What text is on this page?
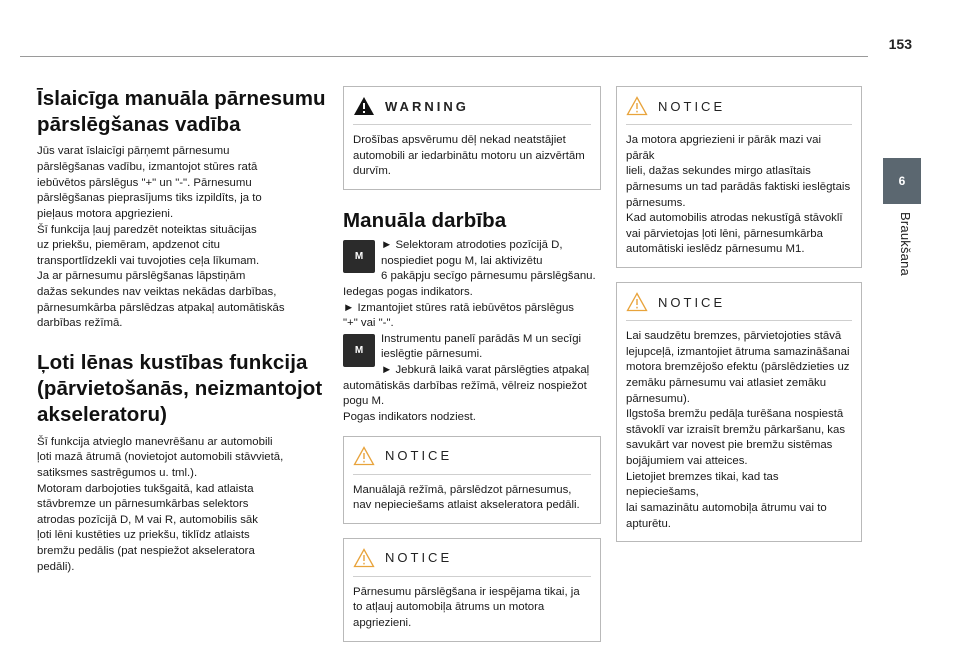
153
6
Braukšana
Īslaicīga manuāla pārnesumu pārslēgšanas vadība

Jūs varat īslaicīgi pārņemt pārnesumu
pārslēgšanas vadību, izmantojot stūres ratā
iebūvētos pārslēgus "+" un "-". Pārnesumu
pārslēgšanas pieprasījums tiks izpildīts, ja to
pieļaus motora apgriezieni.
Šī funkcija ļauj paredzēt noteiktas situācijas
uz priekšu, piemēram, apdzenot citu
transportlīdzekli vai tuvojoties ceļa līkumam.
Ja ar pārnesumu pārslēgšanas lāpstiņām
dažas sekundes nav veiktas nekādas darbības,
pārnesumkārba pārslēdzas atpakaļ automātiskās
darbības režīmā.

Ļoti lēnas kustības funkcija (pārvietošanās, neizmantojot akseleratoru)

Šī funkcija atvieglo manevrēšanu ar automobili
ļoti mazā ātrumā (novietojot automobili stāvvietā,
satiksmes sastrēgumos u. tml.).
Motoram darbojoties tukšgaitā, kad atlaista
stāvbremze un pārnesumkārbas selektors
atrodas pozīcijā D, M vai R, automobilis sāk
ļoti lēni kustēties uz priekšu, tiklīdz atlaists
bremžu pedālis (pat nespiežot akseleratora
pedāli).

WARNING
Drošības apsvērumu dēļ nekad neatstājiet
automobili ar iedarbinātu motoru un aizvērtām
durvīm.
Manuāla darbība

M
► Selektoram atrodoties pozīcijā D,
nospiediet pogu M, lai aktivizētu
6 pakāpju secīgo pārnesumu pārslēgšanu.
Iedegas pogas indikators.
► Izmantojiet stūres ratā iebūvētos pārslēgus
"+" vai "-".

M
Instrumentu panelī parādās M un secīgi
ieslēgtie pārnesumi.
► Jebkurā laikā varat pārslēgties atpakaļ
automātiskās darbības režīmā, vēlreiz nospiežot
pogu M.
Pogas indikators nodziest.

NOTICE
Manuālajā režīmā, pārslēdzot pārnesumus,
nav nepieciešams atlaist akseleratora pedāli.
NOTICE
Pārnesumu pārslēgšana ir iespējama tikai, ja
to atļauj automobiļa ātrums un motora
apgriezieni.
NOTICE
Ja motora apgriezieni ir pārāk mazi vai pārāk
lieli, dažas sekundes mirgo atlasītais
pārnesums un tad parādās faktiski ieslēgtais
pārnesums.
Kad automobilis atrodas nekustīgā stāvoklī
vai pārvietojas ļoti lēni, pārnesumkārba
automātiski ieslēdz pārnesumu M1.
NOTICE
Lai saudzētu bremzes, pārvietojoties stāvā
lejupceļā, izmantojiet ātruma samazināšanai
motora bremzējošo efektu (pārslēdzieties uz
zemāku pārnesumu vai atlasiet zemāku
pārnesumu).
Ilgstoša bremžu pedāļa turēšana nospiestā
stāvoklī var izraisīt bremžu pārkaršanu, kas
savukārt var novest pie bremžu sistēmas
bojājumiem vai atteices.
Lietojiet bremzes tikai, kad tas nepieciešams,
lai samazinātu automobiļa ātrumu vai to
apturētu.
